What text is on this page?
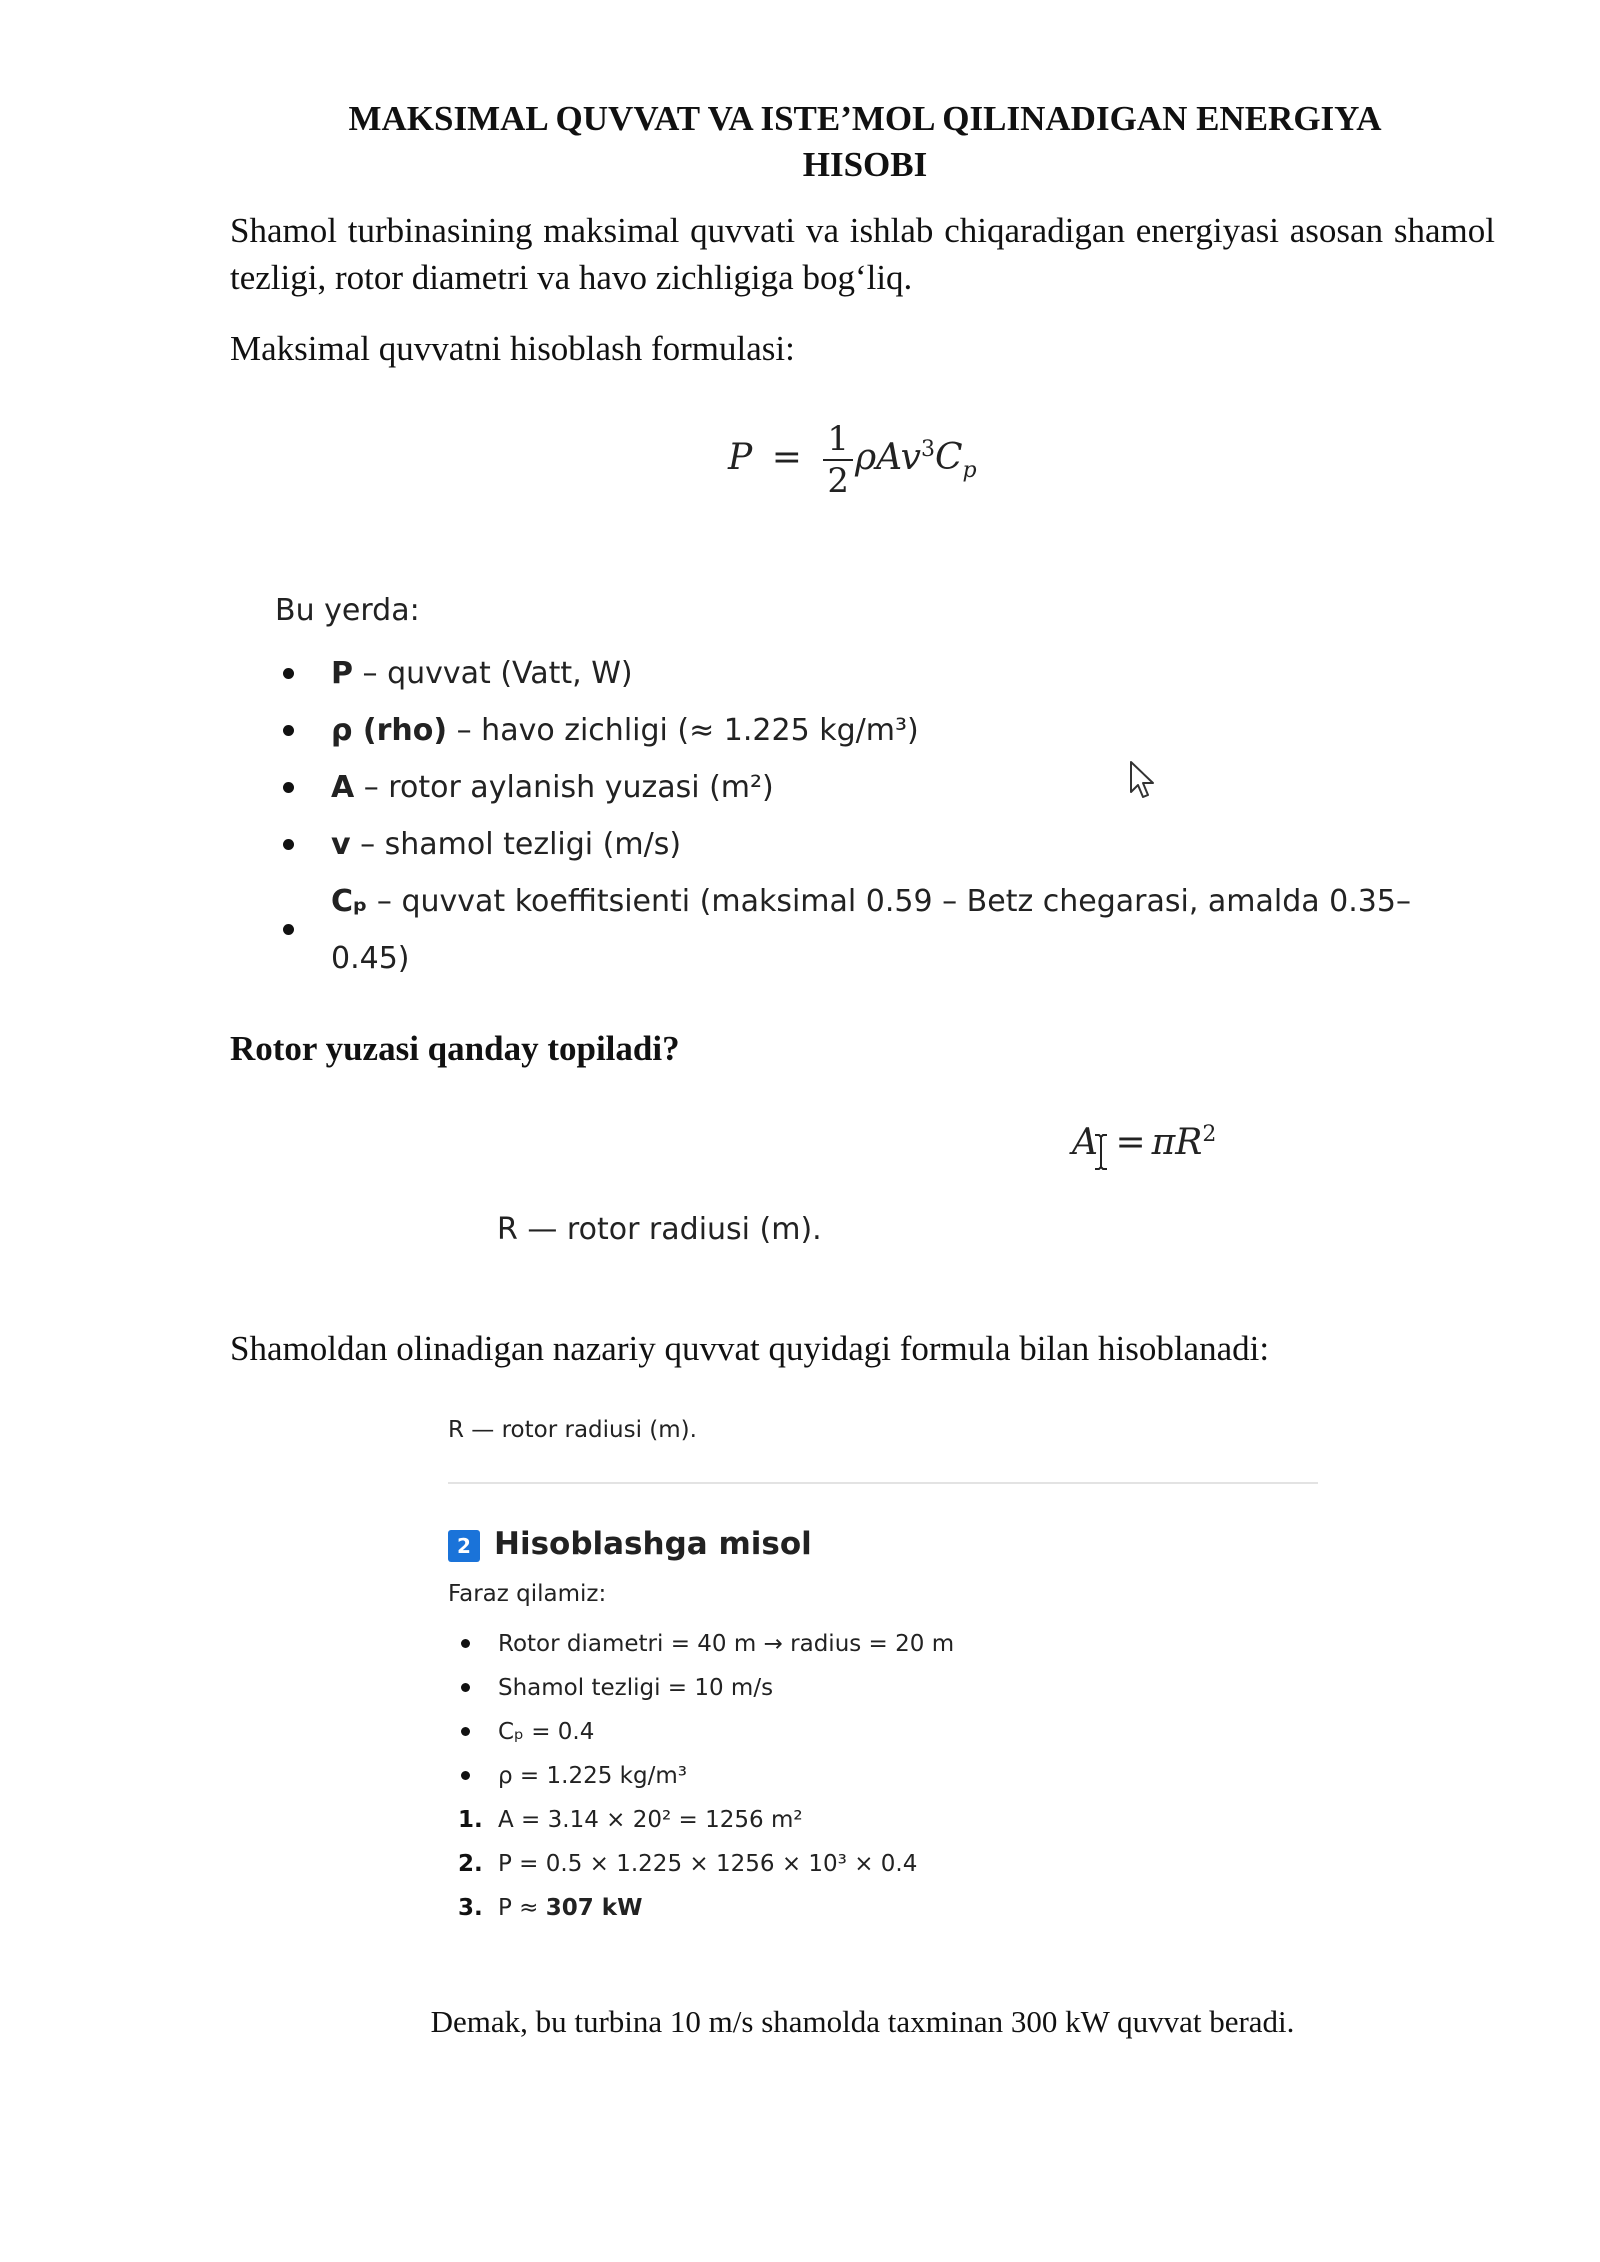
MAKSIMAL QUVVAT VA ISTE’MOL QILINADIGAN ENERGIYA
HISOBI
Shamol turbinasining maksimal quvvati va ishlab chiqaradigan energiyasi asosan shamol tezligi, rotor diametri va havo zichligiga bog‘liq.
Maksimal quvvatni hisoblash formulasi:
$P = \frac{1}{2} \rho Av^3C_p$
Bu yerda:
P – quvvat (Vatt, W)
ρ (rho) – havo zichligi (≈ 1.225 kg/m³)
A – rotor aylanish yuzasi (m²)
v – shamol tezligi (m/s)
Cₚ – quvvat koeffitsienti (maksimal 0.59 – Betz chegarasi, amalda 0.35–0.45)
Rotor yuzasi qanday topiladi?
$A = \pi R^2$
R — rotor radiusi (m).
Shamoldan olinadigan nazariy quvvat quyidagi formula bilan hisoblanadi:
R — rotor radiusi (m).
2 Hisoblashga misol
Faraz qilamiz:
Rotor diametri = 40 m → radius = 20 m
Shamol tezligi = 10 m/s
Cₚ = 0.4
ρ = 1.225 kg/m³
1. A = 3.14 × 20² = 1256 m²
2. P = 0.5 × 1.225 × 1256 × 10³ × 0.4
3. P ≈ 307 kW
Demak, bu turbina 10 m/s shamolda taxminan 300 kW quvvat beradi.
